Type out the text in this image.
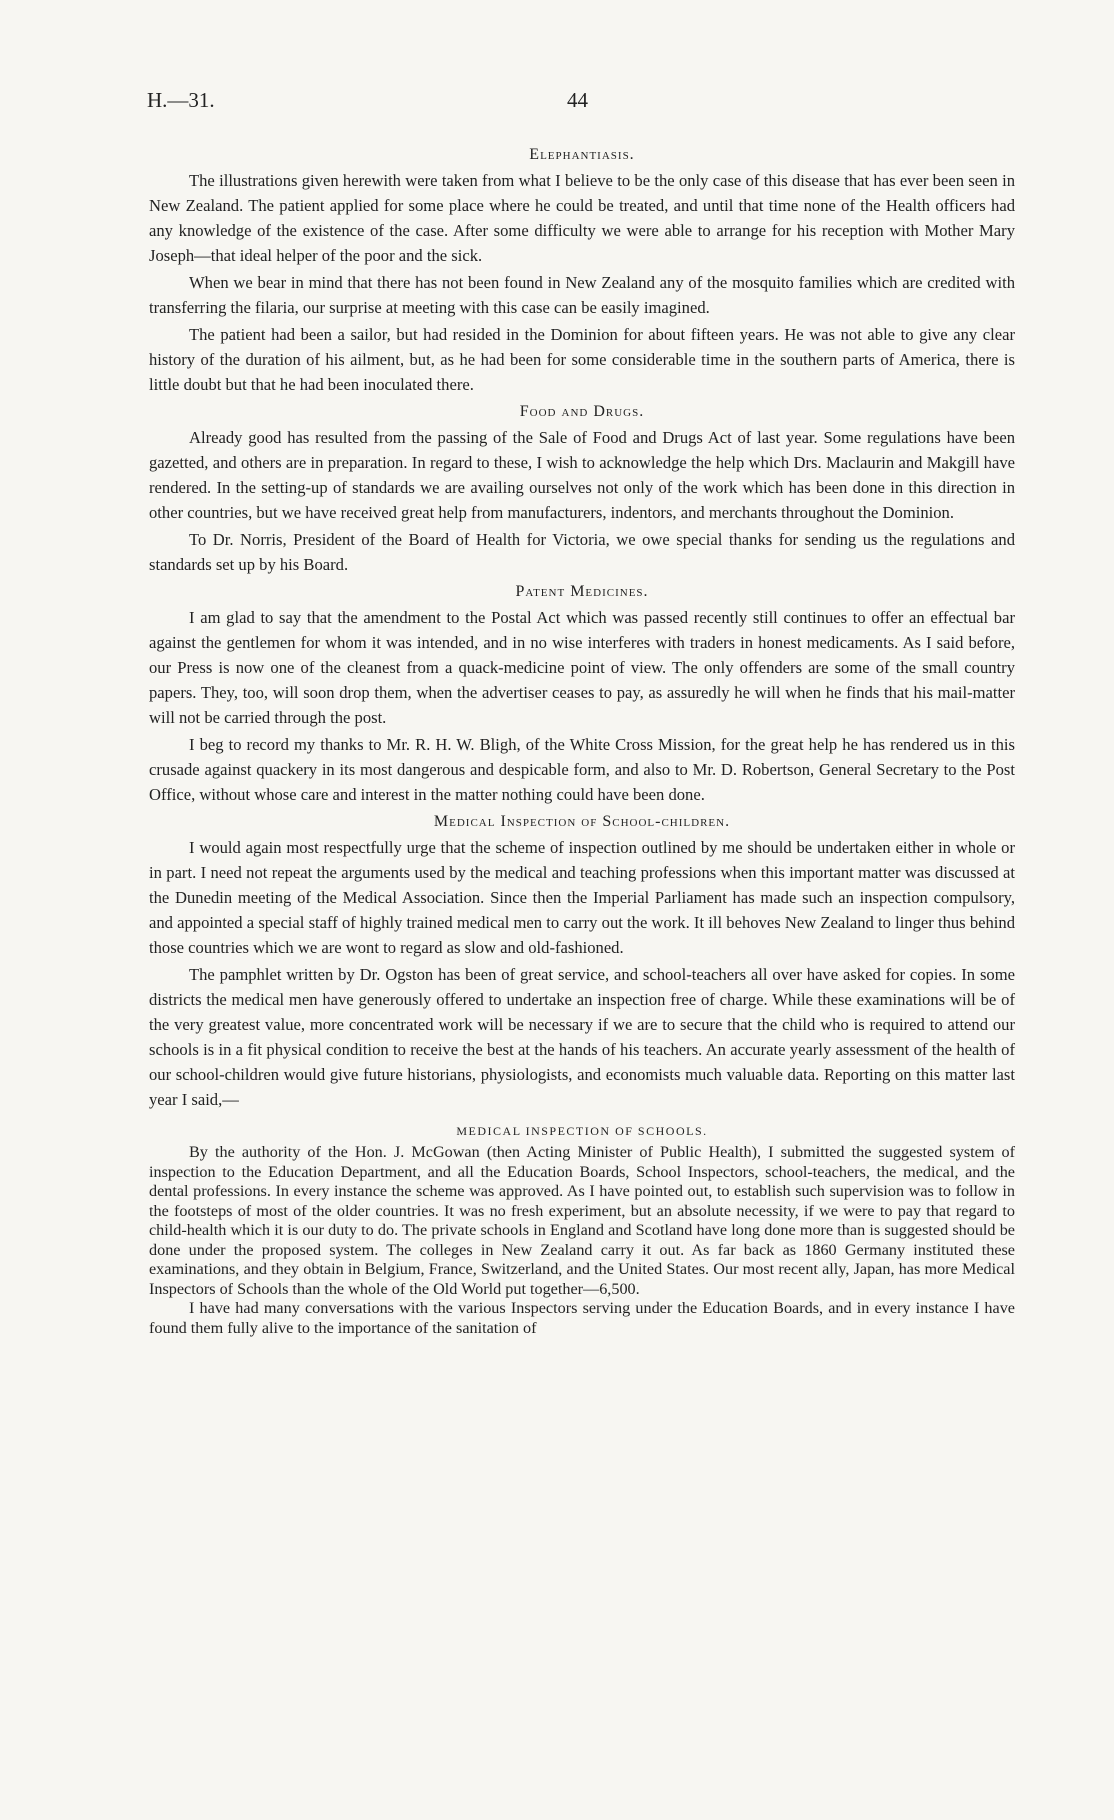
H.—31.	44
Elephantiasis.

The illustrations given herewith were taken from what I believe to be the only case of this disease that has ever been seen in New Zealand. The patient applied for some place where he could be treated, and until that time none of the Health officers had any knowledge of the existence of the case. After some difficulty we were able to arrange for his reception with Mother Mary Joseph—that ideal helper of the poor and the sick.

When we bear in mind that there has not been found in New Zealand any of the mosquito families which are credited with transferring the filaria, our surprise at meeting with this case can be easily imagined.

The patient had been a sailor, but had resided in the Dominion for about fifteen years. He was not able to give any clear history of the duration of his ailment, but, as he had been for some considerable time in the southern parts of America, there is little doubt but that he had been inoculated there.

Food and Drugs.

Already good has resulted from the passing of the Sale of Food and Drugs Act of last year. Some regulations have been gazetted, and others are in preparation. In regard to these, I wish to acknowledge the help which Drs. Maclaurin and Makgill have rendered. In the setting-up of standards we are availing ourselves not only of the work which has been done in this direction in other countries, but we have received great help from manufacturers, indentors, and merchants throughout the Dominion.

To Dr. Norris, President of the Board of Health for Victoria, we owe special thanks for sending us the regulations and standards set up by his Board.

Patent Medicines.

I am glad to say that the amendment to the Postal Act which was passed recently still continues to offer an effectual bar against the gentlemen for whom it was intended, and in no wise interferes with traders in honest medicaments. As I said before, our Press is now one of the cleanest from a quack-medicine point of view. The only offenders are some of the small country papers. They, too, will soon drop them, when the advertiser ceases to pay, as assuredly he will when he finds that his mail-matter will not be carried through the post.

I beg to record my thanks to Mr. R. H. W. Bligh, of the White Cross Mission, for the great help he has rendered us in this crusade against quackery in its most dangerous and despicable form, and also to Mr. D. Robertson, General Secretary to the Post Office, without whose care and interest in the matter nothing could have been done.

Medical Inspection of School-children.

I would again most respectfully urge that the scheme of inspection outlined by me should be undertaken either in whole or in part. I need not repeat the arguments used by the medical and teaching professions when this important matter was discussed at the Dunedin meeting of the Medical Association. Since then the Imperial Parliament has made such an inspection compulsory, and appointed a special staff of highly trained medical men to carry out the work. It ill behoves New Zealand to linger thus behind those countries which we are wont to regard as slow and old-fashioned.

The pamphlet written by Dr. Ogston has been of great service, and school-teachers all over have asked for copies. In some districts the medical men have generously offered to undertake an inspection free of charge. While these examinations will be of the very greatest value, more concentrated work will be necessary if we are to secure that the child who is required to attend our schools is in a fit physical condition to receive the best at the hands of his teachers. An accurate yearly assessment of the health of our school-children would give future historians, physiologists, and economists much valuable data. Reporting on this matter last year I said,—

MEDICAL INSPECTION OF SCHOOLS.

By the authority of the Hon. J. McGowan (then Acting Minister of Public Health), I submitted the suggested system of inspection to the Education Department, and all the Education Boards, School Inspectors, school-teachers, the medical, and the dental professions. In every instance the scheme was approved. As I have pointed out, to establish such supervision was to follow in the footsteps of most of the older countries. It was no fresh experiment, but an absolute necessity, if we were to pay that regard to child-health which it is our duty to do. The private schools in England and Scotland have long done more than is suggested should be done under the proposed system. The colleges in New Zealand carry it out. As far back as 1860 Germany instituted these examinations, and they obtain in Belgium, France, Switzerland, and the United States. Our most recent ally, Japan, has more Medical Inspectors of Schools than the whole of the Old World put together—6,500.

I have had many conversations with the various Inspectors serving under the Education Boards, and in every instance I have found them fully alive to the importance of the sanitation of
